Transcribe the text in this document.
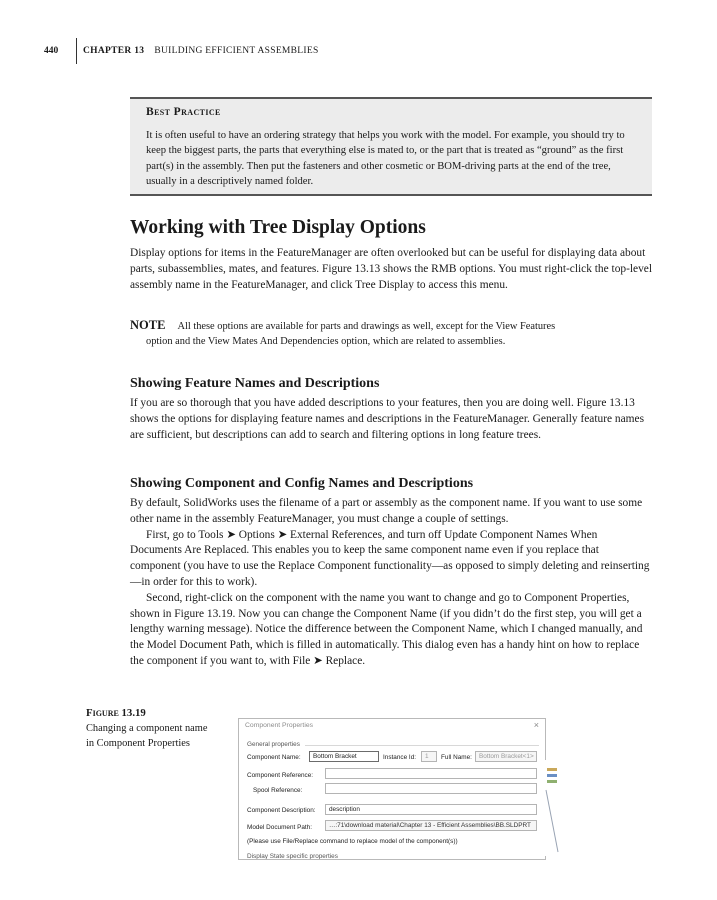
440	CHAPTER 13 BUILDING EFFICIENT ASSEMBLIES
Best Practice
It is often useful to have an ordering strategy that helps you work with the model. For example, you should try to keep the biggest parts, the parts that everything else is mated to, or the part that is treated as “ground” as the first part(s) in the assembly. Then put the fasteners and other cosmetic or BOM-driving parts at the end of the tree, usually in a descriptively named folder.
Working with Tree Display Options

Display options for items in the FeatureManager are often overlooked but can be useful for displaying data about parts, subassemblies, mates, and features. Figure 13.13 shows the RMB options. You must right-click the top-level assembly name in the FeatureManager, and click Tree Display to access this menu.

NOTE All these options are available for parts and drawings as well, except for the View Features
option and the View Mates And Dependencies option, which are related to assemblies.
Showing Feature Names and Descriptions

If you are so thorough that you have added descriptions to your features, then you are doing well. Figure 13.13 shows the options for displaying feature names and descriptions in the FeatureManager. Generally feature names are sufficient, but descriptions can add to search and filtering options in long feature trees.

Showing Component and Config Names and Descriptions
By default, SolidWorks uses the filename of a part or assembly as the component name. If you want to use some other name in the assembly FeatureManager, you must change a couple of settings.
First, go to Tools ➤ Options ➤ External References, and turn off Update Component Names When Documents Are Replaced. This enables you to keep the same component name even if you replace that component (you have to use the Replace Component functionality—as opposed to simply deleting and reinserting—in order for this to work).
Second, right-click on the component with the name you want to change and go to Component Properties, shown in Figure 13.19. Now you can change the Component Name (if you didn’t do the first step, you will get a lengthy warning message). Notice the difference between the Component Name, which I changed manually, and the Model Document Path, which is filled in automatically. This dialog even has a handy hint on how to replace the component if you want to, with File ➤ Replace.
Figure 13.19
Changing a component name in Component Properties
Component Properties	×
General properties
Component Name:	Bottom Bracket	Instance Id:	1	Full Name:	Bottom Bracket<1>
Component Reference:
Spool Reference:
Component Description:	description
Model Document Path:	…:71\download material\Chapter 13 - Efficient Assemblies\BB.SLDPRT
(Please use File/Replace command to replace model of the component(s))
Display State specific properties
